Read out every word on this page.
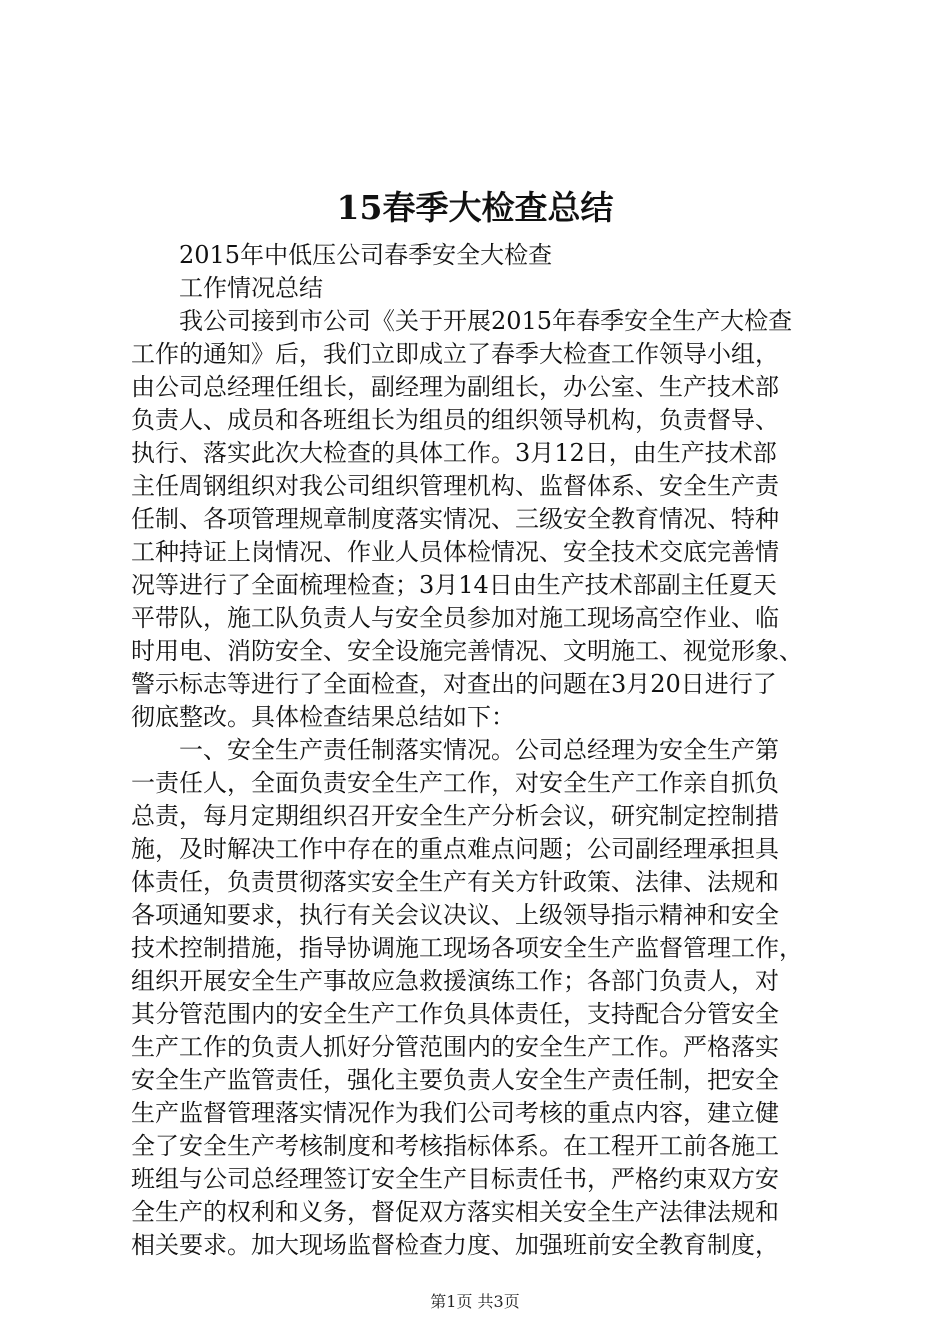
15春季大检查总结
2015年中低压公司春季安全大检查
工作情况总结
我公司接到市公司《关于开展2015年春季安全生产大检查
工作的通知》后，我们立即成立了春季大检查工作领导小组，
由公司总经理任组长，副经理为副组长，办公室、生产技术部
负责人、成员和各班组长为组员的组织领导机构，负责督导、
执行、落实此次大检查的具体工作。3月12日，由生产技术部
主任周钢组织对我公司组织管理机构、监督体系、安全生产责
任制、各项管理规章制度落实情况、三级安全教育情况、特种
工种持证上岗情况、作业人员体检情况、安全技术交底完善情
况等进行了全面梳理检查；3月14日由生产技术部副主任夏天
平带队，施工队负责人与安全员参加对施工现场高空作业、临
时用电、消防安全、安全设施完善情况、文明施工、视觉形象、
警示标志等进行了全面检查，对查出的问题在3月20日进行了
彻底整改。具体检查结果总结如下：
一、安全生产责任制落实情况。公司总经理为安全生产第
一责任人，全面负责安全生产工作，对安全生产工作亲自抓负
总责，每月定期组织召开安全生产分析会议，研究制定控制措
施，及时解决工作中存在的重点难点问题；公司副经理承担具
体责任，负责贯彻落实安全生产有关方针政策、法律、法规和
各项通知要求，执行有关会议决议、上级领导指示精神和安全
技术控制措施，指导协调施工现场各项安全生产监督管理工作，
组织开展安全生产事故应急救援演练工作；各部门负责人，对
其分管范围内的安全生产工作负具体责任，支持配合分管安全
生产工作的负责人抓好分管范围内的安全生产工作。严格落实
安全生产监管责任，强化主要负责人安全生产责任制，把安全
生产监督管理落实情况作为我们公司考核的重点内容，建立健
全了安全生产考核制度和考核指标体系。在工程开工前各施工
班组与公司总经理签订安全生产目标责任书，严格约束双方安
全生产的权利和义务，督促双方落实相关安全生产法律法规和
相关要求。加大现场监督检查力度、加强班前安全教育制度，
第1页 共3页
